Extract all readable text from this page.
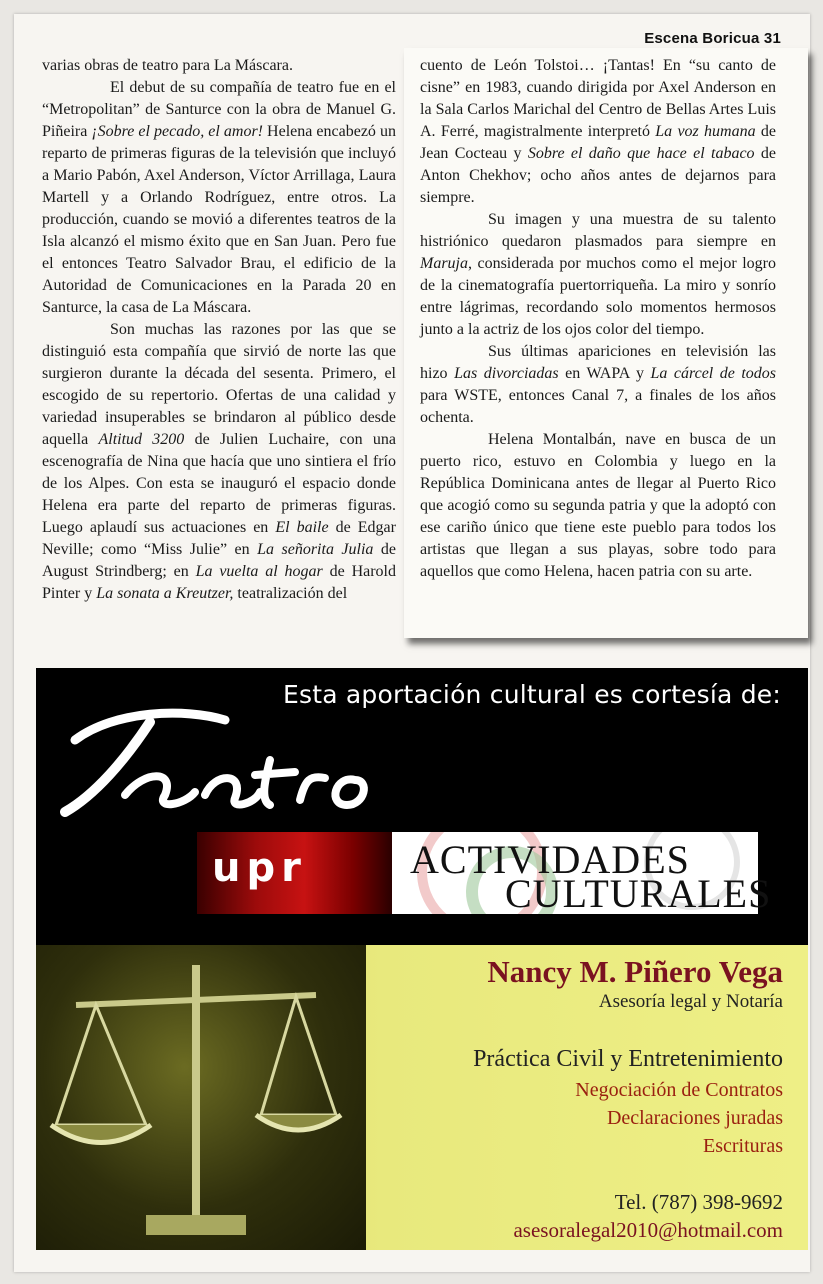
Escena Boricua 31

varias obras de teatro para La Máscara.

El debut de su compañía de teatro fue en el “Metropolitan” de Santurce con la obra de Manuel G. Piñeira ¡Sobre el pecado, el amor! Helena encabezó un reparto de primeras figuras de la televisión que incluyó a Mario Pabón, Axel Anderson, Víctor Arrillaga, Laura Martell y a Orlando Rodríguez, entre otros. La producción, cuando se movió a diferentes teatros de la Isla alcanzó el mismo éxito que en San Juan. Pero fue el entonces Teatro Salvador Brau, el edificio de la Autoridad de Comunicaciones en la Parada 20 en Santurce, la casa de La Máscara.

Son muchas las razones por las que se distinguió esta compañía que sirvió de norte las que surgieron durante la década del sesenta. Primero, el escogido de su repertorio. Ofertas de una calidad y variedad insuperables se brindaron al público desde aquella Altitud 3200 de Julien Luchaire, con una escenografía de Nina que hacía que uno sintiera el frío de los Alpes. Con esta se inauguró el espacio donde Helena era parte del reparto de primeras figuras. Luego aplaudí sus actuaciones en El baile de Edgar Neville; como “Miss Julie” en La señorita Julia de August Strindberg; en La vuelta al hogar de Harold Pinter y La sonata a Kreutzer, teatralización del

cuento de León Tolstoi… ¡Tantas! En “su canto de cisne” en 1983, cuando dirigida por Axel Anderson en la Sala Carlos Marichal del Centro de Bellas Artes Luis A. Ferré, magistralmente interpretó La voz humana de Jean Cocteau y Sobre el daño que hace el tabaco de Anton Chekhov; ocho años antes de dejarnos para siempre.

Su imagen y una muestra de su talento histriónico quedaron plasmados para siempre en Maruja, considerada por muchos como el mejor logro de la cinematografía puertorriqueña. La miro y sonrío entre lágrimas, recordando solo momentos hermosos junto a la actriz de los ojos color del tiempo.

Sus últimas apariciones en televisión las hizo Las divorciadas en WAPA y La cárcel de todos para WSTE, entonces Canal 7, a finales de los años ochenta.

Helena Montalbán, nave en busca de un puerto rico, estuvo en Colombia y luego en la República Dominicana antes de llegar al Puerto Rico que acogió como su segunda patria y que la adoptó con ese cariño único que tiene este pueblo para todos los artistas que llegan a sus playas, sobre todo para aquellos que como Helena, hacen patria con su arte.

Esta aportación cultural es cortesía de:
Teatro
upr	ACTIVIDADES
CULTURALES
Nancy M. Piñero Vega
Asesoría legal y Notaría
Práctica Civil y Entretenimiento
Negociación de Contratos
Declaraciones juradas
Escrituras
Tel. (787) 398-9692
asesoralegal2010@hotmail.com
